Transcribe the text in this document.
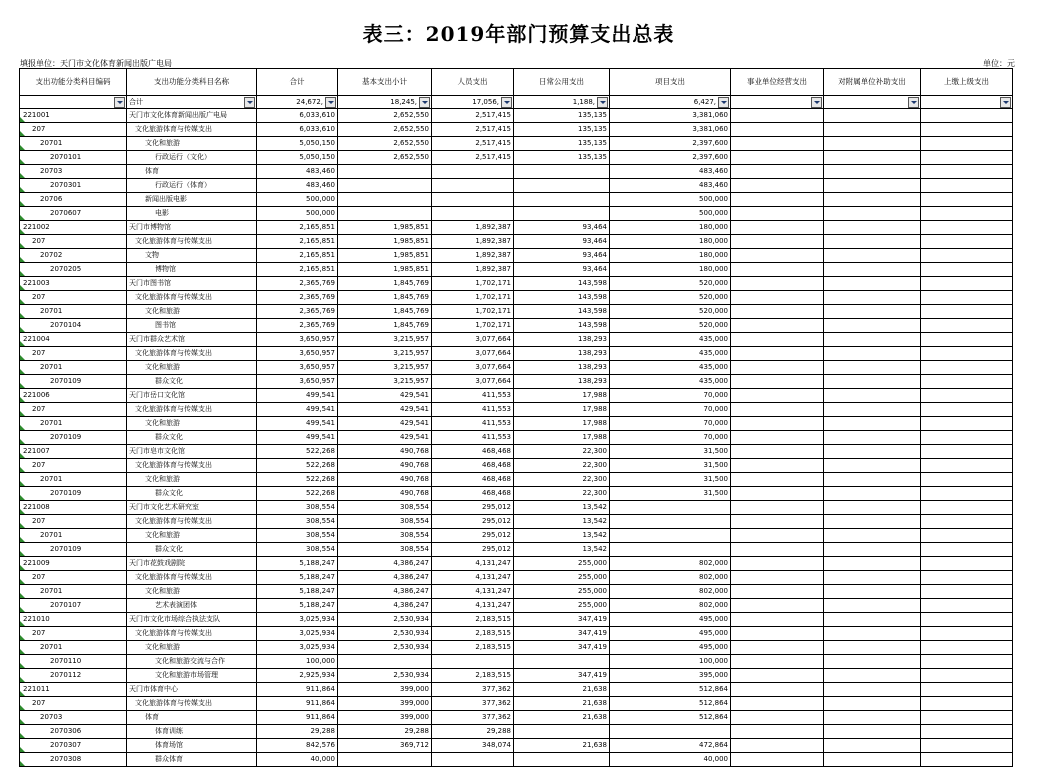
表三：2019年部门预算支出总表
填报单位：天门市文化体育新闻出版广电局	单位：元
支出功能分类科目编码	支出功能分类科目名称	合计	基本支出小计	人员支出	日常公用支出	项目支出	事业单位经营支出	对附属单位补助支出	上缴上级支出

	合计	24,672,	18,245,	17,056,	1,188,	6,427,

221001	天门市文化体育新闻出版广电局	6,033,610	2,652,550	2,517,415	135,135	3,381,060			
207	文化旅游体育与传媒支出	6,033,610	2,652,550	2,517,415	135,135	3,381,060			
20701	文化和旅游	5,050,150	2,652,550	2,517,415	135,135	2,397,600			
2070101	行政运行（文化）	5,050,150	2,652,550	2,517,415	135,135	2,397,600			
20703	体育	483,460				483,460			
2070301	行政运行（体育）	483,460				483,460			
20706	新闻出版电影	500,000				500,000			
2070607	电影	500,000				500,000			
221002	天门市博物馆	2,165,851	1,985,851	1,892,387	93,464	180,000			
207	文化旅游体育与传媒支出	2,165,851	1,985,851	1,892,387	93,464	180,000			
20702	文物	2,165,851	1,985,851	1,892,387	93,464	180,000			
2070205	博物馆	2,165,851	1,985,851	1,892,387	93,464	180,000			
221003	天门市图书馆	2,365,769	1,845,769	1,702,171	143,598	520,000			
207	文化旅游体育与传媒支出	2,365,769	1,845,769	1,702,171	143,598	520,000			
20701	文化和旅游	2,365,769	1,845,769	1,702,171	143,598	520,000			
2070104	图书馆	2,365,769	1,845,769	1,702,171	143,598	520,000			
221004	天门市群众艺术馆	3,650,957	3,215,957	3,077,664	138,293	435,000			
207	文化旅游体育与传媒支出	3,650,957	3,215,957	3,077,664	138,293	435,000			
20701	文化和旅游	3,650,957	3,215,957	3,077,664	138,293	435,000			
2070109	群众文化	3,650,957	3,215,957	3,077,664	138,293	435,000			
221006	天门市岳口文化馆	499,541	429,541	411,553	17,988	70,000			
207	文化旅游体育与传媒支出	499,541	429,541	411,553	17,988	70,000			
20701	文化和旅游	499,541	429,541	411,553	17,988	70,000			
2070109	群众文化	499,541	429,541	411,553	17,988	70,000			
221007	天门市皂市文化馆	522,268	490,768	468,468	22,300	31,500			
207	文化旅游体育与传媒支出	522,268	490,768	468,468	22,300	31,500			
20701	文化和旅游	522,268	490,768	468,468	22,300	31,500			
2070109	群众文化	522,268	490,768	468,468	22,300	31,500			
221008	天门市文化艺术研究室	308,554	308,554	295,012	13,542				
207	文化旅游体育与传媒支出	308,554	308,554	295,012	13,542				
20701	文化和旅游	308,554	308,554	295,012	13,542				
2070109	群众文化	308,554	308,554	295,012	13,542				
221009	天门市花鼓戏剧院	5,188,247	4,386,247	4,131,247	255,000	802,000			
207	文化旅游体育与传媒支出	5,188,247	4,386,247	4,131,247	255,000	802,000			
20701	文化和旅游	5,188,247	4,386,247	4,131,247	255,000	802,000			
2070107	艺术表演团体	5,188,247	4,386,247	4,131,247	255,000	802,000			
221010	天门市文化市场综合执法支队	3,025,934	2,530,934	2,183,515	347,419	495,000			
207	文化旅游体育与传媒支出	3,025,934	2,530,934	2,183,515	347,419	495,000			
20701	文化和旅游	3,025,934	2,530,934	2,183,515	347,419	495,000			
2070110	文化和旅游交流与合作	100,000				100,000			
2070112	文化和旅游市场管理	2,925,934	2,530,934	2,183,515	347,419	395,000			
221011	天门市体育中心	911,864	399,000	377,362	21,638	512,864			
207	文化旅游体育与传媒支出	911,864	399,000	377,362	21,638	512,864			
20703	体育	911,864	399,000	377,362	21,638	512,864			
2070306	体育训练	29,288	29,288	29,288					
2070307	体育场馆	842,576	369,712	348,074	21,638	472,864			
2070308	群众体育	40,000				40,000			
